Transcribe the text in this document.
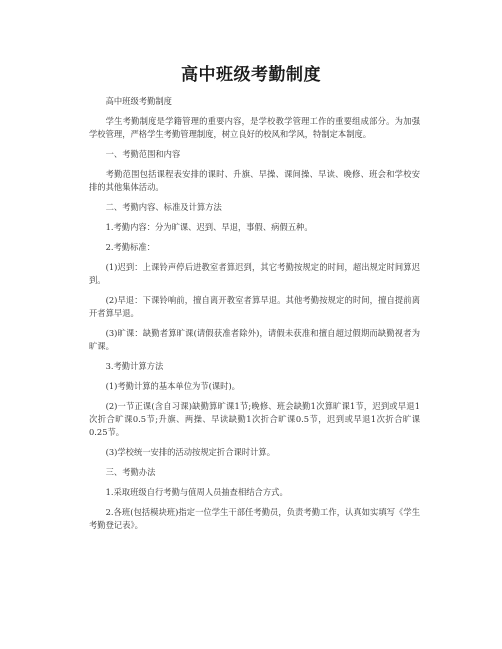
高中班级考勤制度

高中班级考勤制度

学生考勤制度是学籍管理的重要内容，是学校教学管理工作的重要组成部分。为加强学校管理，严格学生考勤管理制度，树立良好的校风和学风，特制定本制度。

一、考勤范围和内容

考勤范围包括课程表安排的课时、升旗、早操、课间操、早读、晚修、班会和学校安排的其他集体活动。

二、考勤内容、标准及计算方法

1.考勤内容：分为旷课、迟到、早退，事假、病假五种。

2.考勤标准：

(1)迟到：上课铃声停后进教室者算迟到，其它考勤按规定的时间，超出规定时间算迟到。

(2)早退：下课铃响前，擅自离开教室者算早退。其他考勤按规定的时间，擅自提前离开者算早退。

(3)旷课：缺勤者算旷课(请假获准者除外)，请假未获准和擅自超过假期而缺勤视者为旷课。

3.考勤计算方法

(1)考勤计算的基本单位为节(课时)。

(2)一节正课(含自习课)缺勤算旷课1节;晚修、班会缺勤1次算旷课1节，迟到或早退1次折合旷课0.5节;升旗、两操、早读缺勤1次折合旷课0.5节，迟到或早退1次折合旷课0.25节。

(3)学校统一安排的活动按规定折合课时计算。

三、考勤办法

1.采取班级自行考勤与值周人员抽查相结合方式。

2.各班(包括模块班)指定一位学生干部任考勤员，负责考勤工作，认真如实填写《学生考勤登记表》。
